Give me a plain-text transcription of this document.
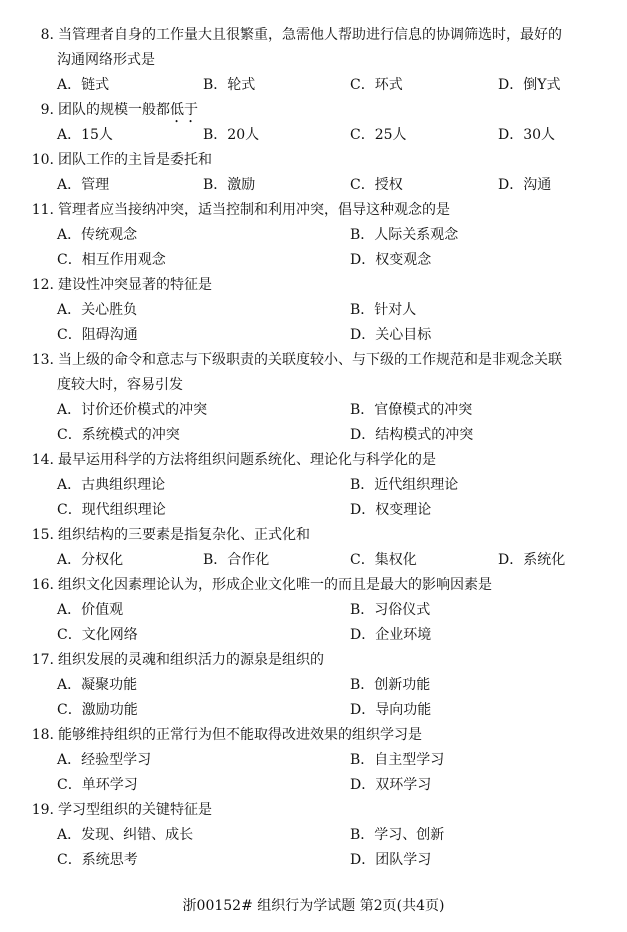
8. 当管理者自身的工作量大且很繁重，急需他人帮助进行信息的协调筛选时，最好的
沟通网络形式是
A．链式	B．轮式	C．环式	D．倒Y式
9. 团队的规模一般都低于
A．15人	B．20人	C．25人	D．30人
10. 团队工作的主旨是委托和
A．管理	B．激励	C．授权	D．沟通
11. 管理者应当接纳冲突，适当控制和利用冲突，倡导这种观念的是
A．传统观念	B．人际关系观念
C．相互作用观念	D．权变观念
12. 建设性冲突显著的特征是
A．关心胜负	B．针对人
C．阻碍沟通	D．关心目标
13. 当上级的命令和意志与下级职责的关联度较小、与下级的工作规范和是非观念关联
度较大时，容易引发
A．讨价还价模式的冲突	B．官僚模式的冲突
C．系统模式的冲突	D．结构模式的冲突
14. 最早运用科学的方法将组织问题系统化、理论化与科学化的是
A．古典组织理论	B．近代组织理论
C．现代组织理论	D．权变理论
15. 组织结构的三要素是指复杂化、正式化和
A．分权化	B．合作化	C．集权化	D．系统化
16. 组织文化因素理论认为，形成企业文化唯一的而且是最大的影响因素是
A．价值观	B．习俗仪式
C．文化网络	D．企业环境
17. 组织发展的灵魂和组织活力的源泉是组织的
A．凝聚功能	B．创新功能
C．激励功能	D．导向功能
18. 能够维持组织的正常行为但不能取得改进效果的组织学习是
A．经验型学习	B．自主型学习
C．单环学习	D．双环学习
19. 学习型组织的关键特征是
A．发现、纠错、成长	B．学习、创新
C．系统思考	D．团队学习
浙00152# 组织行为学试题 第2页(共4页)
